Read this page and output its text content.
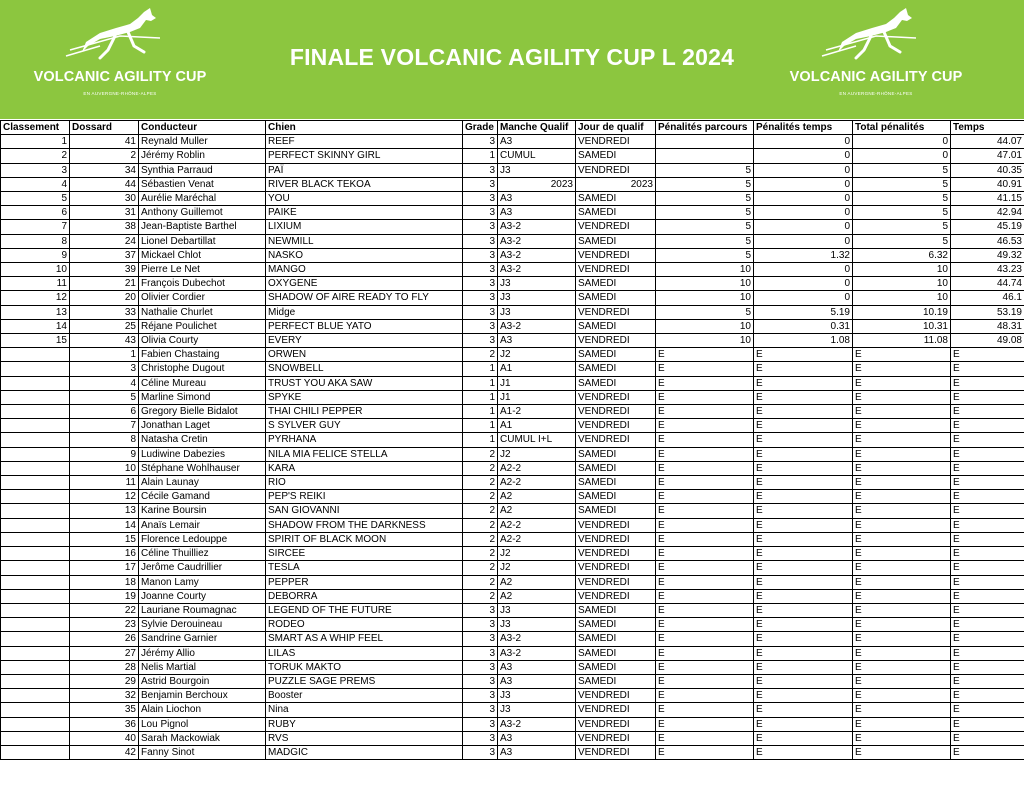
VOLCANIC AGILITY CUP
EN AUVERGNE-RHÔNE-ALPES
FINALE VOLCANIC AGILITY CUP L 2024
VOLCANIC AGILITY CUP
EN AUVERGNE-RHÔNE-ALPES
Classement	Dossard	Conducteur	Chien	Grade	Manche Qualif	Jour de qualif	Pénalités parcours	Pénalités temps	Total pénalités	Temps
1	41	Reynald Muller	REEF	3	A3	VENDREDI		0	0	44.07
2	2	Jérémy Roblin	PERFECT SKINNY GIRL	1	CUMUL	SAMEDI		0	0	47.01
3	34	Synthia Parraud	PAÏ	3	J3	VENDREDI	5	0	5	40.35
4	44	Sébastien Venat	RIVER BLACK TEKOA	3	2023	2023	5	0	5	40.91
5	30	Aurélie Maréchal	YOU	3	A3	SAMEDI	5	0	5	41.15
6	31	Anthony Guillemot	PAIKE	3	A3	SAMEDI	5	0	5	42.94
7	38	Jean-Baptiste Barthel	LIXIUM	3	A3-2	VENDREDI	5	0	5	45.19
8	24	Lionel Debartillat	NEWMILL	3	A3-2	SAMEDI	5	0	5	46.53
9	37	Mickael Chlot	NASKO	3	A3-2	VENDREDI	5	1.32	6.32	49.32
10	39	Pierre Le Net	MANGO	3	A3-2	VENDREDI	10	0	10	43.23
11	21	François Dubechot	OXYGENE	3	J3	SAMEDI	10	0	10	44.74
12	20	Olivier Cordier	SHADOW OF AIRE READY TO FLY	3	J3	SAMEDI	10	0	10	46.1
13	33	Nathalie Churlet	Midge	3	J3	VENDREDI	5	5.19	10.19	53.19
14	25	Réjane Poulichet	PERFECT BLUE YATO	3	A3-2	SAMEDI	10	0.31	10.31	48.31
15	43	Olivia Courty	EVERY	3	A3	VENDREDI	10	1.08	11.08	49.08
	1	Fabien Chastaing	ORWEN	2	J2	SAMEDI	E	E	E	E
	3	Christophe Dugout	SNOWBELL	1	A1	SAMEDI	E	E	E	E
	4	Céline Mureau	TRUST YOU AKA SAW	1	J1	SAMEDI	E	E	E	E
	5	Marline Simond	SPYKE	1	J1	VENDREDI	E	E	E	E
	6	Gregory Bielle Bidalot	THAI CHILI PEPPER	1	A1-2	VENDREDI	E	E	E	E
	7	Jonathan Laget	S SYLVER GUY	1	A1	VENDREDI	E	E	E	E
	8	Natasha Cretin	PYRHANA	1	CUMUL I+L	VENDREDI	E	E	E	E
	9	Ludiwine Dabezies	NILA MIA FELICE STELLA	2	J2	SAMEDI	E	E	E	E
	10	Stéphane Wohlhauser	KARA	2	A2-2	SAMEDI	E	E	E	E
	11	Alain Launay	RIO	2	A2-2	SAMEDI	E	E	E	E
	12	Cécile Gamand	PEP'S REIKI	2	A2	SAMEDI	E	E	E	E
	13	Karine Boursin	SAN GIOVANNI	2	A2	SAMEDI	E	E	E	E
	14	Anaïs Lemair	SHADOW FROM THE DARKNESS	2	A2-2	VENDREDI	E	E	E	E
	15	Florence Ledouppe	SPIRIT OF BLACK MOON	2	A2-2	VENDREDI	E	E	E	E
	16	Céline Thuilliez	SIRCEE	2	J2	VENDREDI	E	E	E	E
	17	Jerôme Caudrillier	TESLA	2	J2	VENDREDI	E	E	E	E
	18	Manon Lamy	PEPPER	2	A2	VENDREDI	E	E	E	E
	19	Joanne Courty	DEBORRA	2	A2	VENDREDI	E	E	E	E
	22	Lauriane Roumagnac	LEGEND OF THE FUTURE	3	J3	SAMEDI	E	E	E	E
	23	Sylvie Derouineau	RODEO	3	J3	SAMEDI	E	E	E	E
	26	Sandrine Garnier	SMART AS A WHIP FEEL	3	A3-2	SAMEDI	E	E	E	E
	27	Jérémy Allio	LILAS	3	A3-2	SAMEDI	E	E	E	E
	28	Nelis Martial	TORUK MAKTO	3	A3	SAMEDI	E	E	E	E
	29	Astrid Bourgoin	PUZZLE SAGE PREMS	3	A3	SAMEDI	E	E	E	E
	32	Benjamin Berchoux	Booster	3	J3	VENDREDI	E	E	E	E
	35	Alain Liochon	Nina	3	J3	VENDREDI	E	E	E	E
	36	Lou Pignol	RUBY	3	A3-2	VENDREDI	E	E	E	E
	40	Sarah Mackowiak	RVS	3	A3	VENDREDI	E	E	E	E
	42	Fanny Sinot	MADGIC	3	A3	VENDREDI	E	E	E	E
